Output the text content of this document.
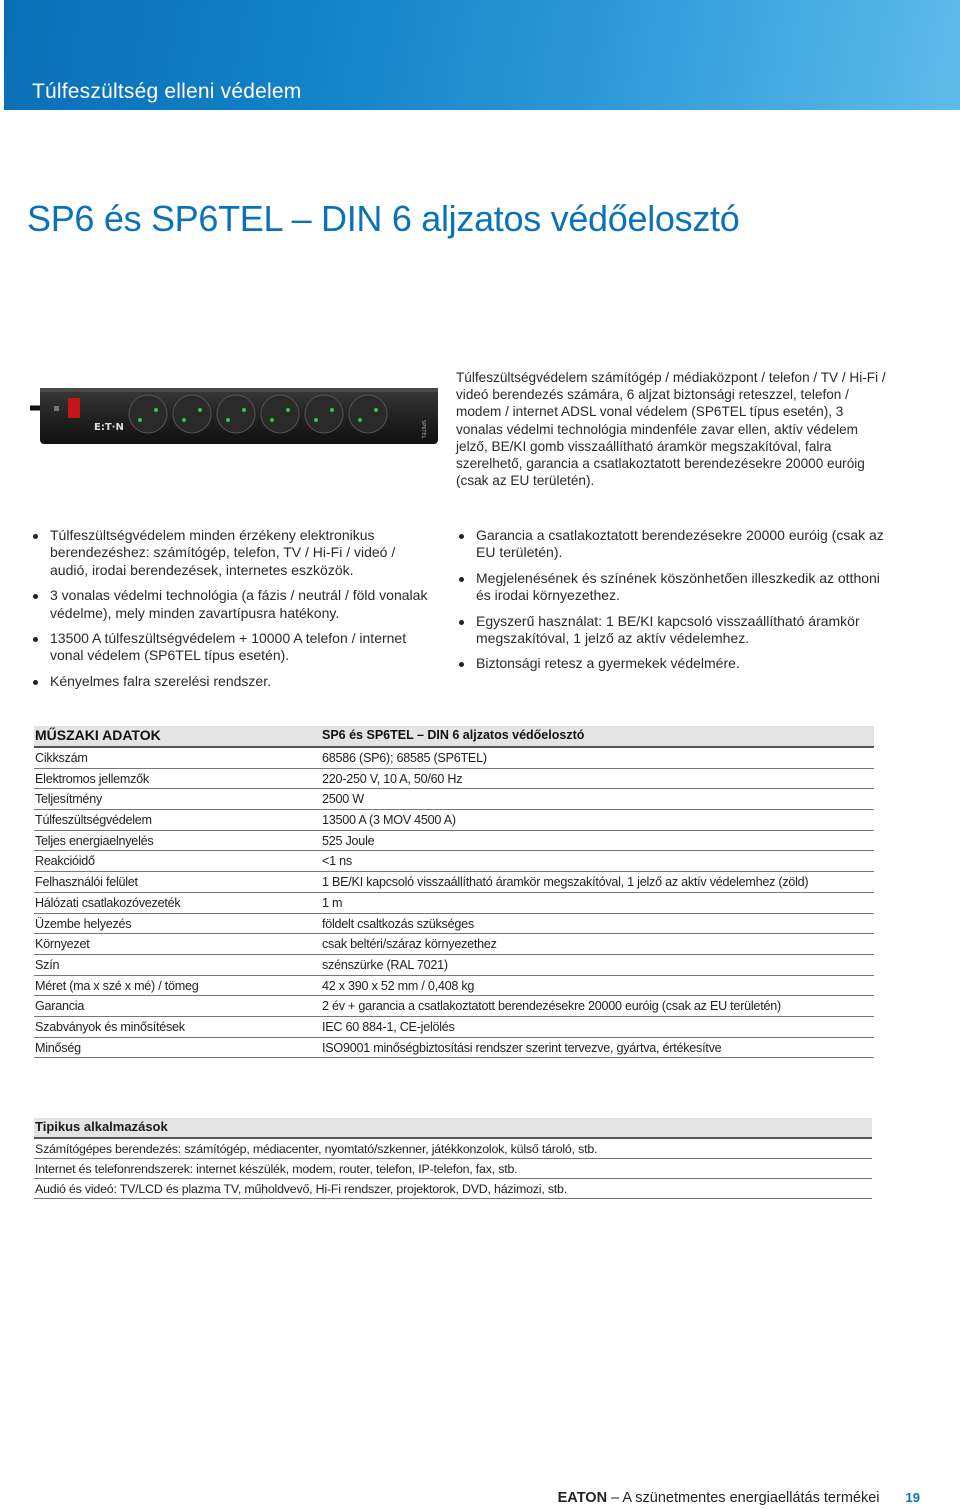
Túlfeszültség elleni védelem
SP6 és SP6TEL – DIN 6 aljzatos védőelosztó
E:T·N	SP6TEL
Túlfeszültségvédelem számítógép / médiaközpont / telefon / TV / Hi-Fi / videó berendezés számára, 6 aljzat biztonsági reteszzel, telefon / modem / internet ADSL vonal védelem (SP6TEL típus esetén), 3 vonalas védelmi technológia mindenféle zavar ellen, aktív védelem jelző, BE/KI gomb visszaállítható áramkör megszakítóval, falra szerelhető, garancia a csatlakoztatott berendezésekre 20000 euróig (csak az EU területén).
Túlfeszültségvédelem minden érzékeny elektronikus berendezéshez: számítógép, telefon, TV / Hi-Fi / videó / audió, irodai berendezések, internetes eszközök.
3 vonalas védelmi technológia (a fázis / neutrál / föld vonalak védelme), mely minden zavartípusra hatékony.
13500 A túlfeszültségvédelem + 10000 A telefon / internet vonal védelem (SP6TEL típus esetén).
Kényelmes falra szerelési rendszer.
Garancia a csatlakoztatott berendezésekre 20000 euróig (csak az EU területén).
Megjelenésének és színének köszönhetően illeszkedik az otthoni és irodai környezethez.
Egyszerű használat: 1 BE/KI kapcsoló visszaállítható áramkör megszakítóval, 1 jelző az aktív védelemhez.
Biztonsági retesz a gyermekek védelmére.
MŰSZAKI ADATOK	SP6 és SP6TEL – DIN 6 aljzatos védőelosztó
Cikkszám	68586 (SP6); 68585 (SP6TEL)
Elektromos jellemzők	220-250 V, 10 A, 50/60 Hz
Teljesítmény	2500 W
Túlfeszültségvédelem	13500 A (3 MOV 4500 A)
Teljes energiaelnyelés	525 Joule
Reakcióidő	<1 ns
Felhasználói felület	1 BE/KI kapcsoló visszaállítható áramkör megszakítóval, 1 jelző az aktív védelemhez (zöld)
Hálózati csatlakozóvezeték	1 m
Üzembe helyezés	földelt csaltkozás szükséges
Környezet	csak beltéri/száraz környezethez
Szín	szénszürke (RAL 7021)
Méret (ma x szé x mé) / tömeg	42 x 390 x 52 mm / 0,408 kg
Garancia	2 év + garancia a csatlakoztatott berendezésekre 20000 euróig (csak az EU területén)
Szabványok és minősítések	IEC 60 884-1, CE-jelölés
Minőség	ISO9001 minőségbiztosítási rendszer szerint tervezve, gyártva, értékesítve
Tipikus alkalmazások
Számítógépes berendezés: számítógép, médiacenter, nyomtató/szkenner, játékkonzolok, külső tároló, stb.
Internet és telefonrendszerek: internet készülék, modem, router, telefon, IP-telefon, fax, stb.
Audió és videó: TV/LCD és plazma TV, műholdvevő, Hi-Fi rendszer, projektorok, DVD, házimozi, stb.
EATON – A szünetmentes energiaellátás termékei 19
